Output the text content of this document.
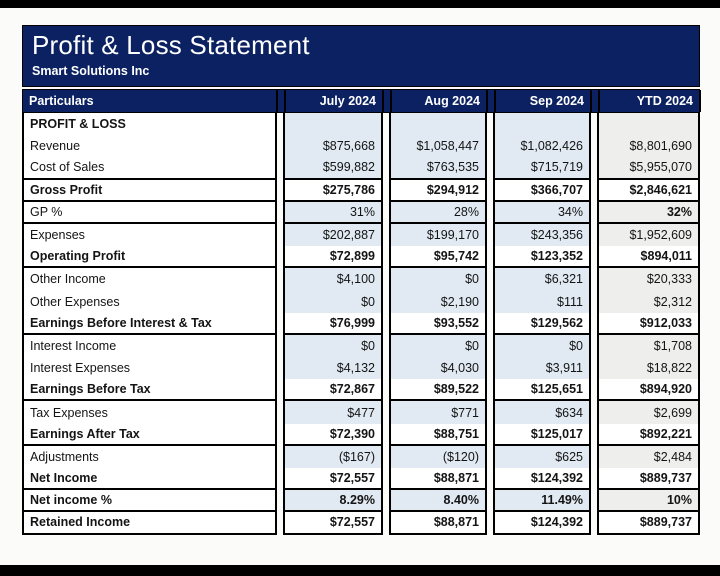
Profit & Loss Statement
Smart Solutions Inc
Particulars	July 2024	Aug 2024	Sep 2024	YTD 2024
PROFIT & LOSS
Revenue	$875,668	$1,058,447	$1,082,426	$8,801,690
Cost of Sales	$599,882	$763,535	$715,719	$5,955,070
Gross Profit	$275,786	$294,912	$366,707	$2,846,621
GP %	31%	28%	34%	32%
Expenses	$202,887	$199,170	$243,356	$1,952,609
Operating Profit	$72,899	$95,742	$123,352	$894,011
Other Income	$4,100	$0	$6,321	$20,333
Other Expenses	$0	$2,190	$111	$2,312
Earnings Before Interest & Tax	$76,999	$93,552	$129,562	$912,033
Interest Income	$0	$0	$0	$1,708
Interest Expenses	$4,132	$4,030	$3,911	$18,822
Earnings Before Tax	$72,867	$89,522	$125,651	$894,920
Tax Expenses	$477	$771	$634	$2,699
Earnings After Tax	$72,390	$88,751	$125,017	$892,221
Adjustments	($167)	($120)	$625	$2,484
Net Income	$72,557	$88,871	$124,392	$889,737
Net income %	8.29%	8.40%	11.49%	10%
Retained Income	$72,557	$88,871	$124,392	$889,737
